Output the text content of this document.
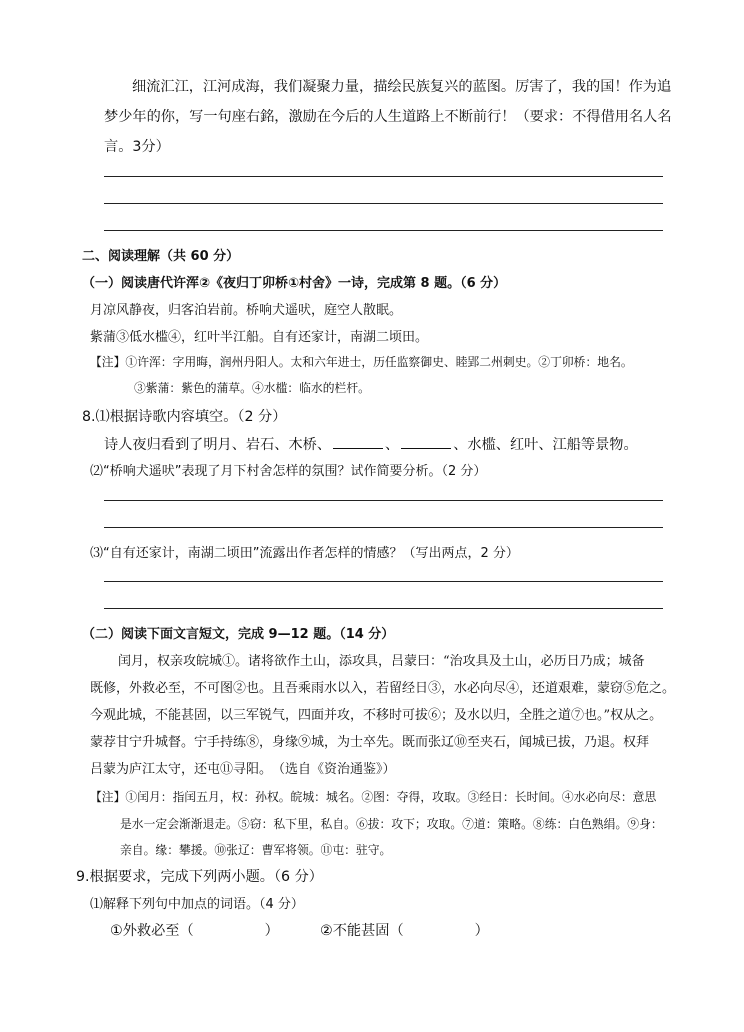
细流汇江，江河成海，我们凝聚力量，描绘民族复兴的蓝图。厉害了，我的国！作为追
梦少年的你，写一句座右銘，激励在今后的人生道路上不断前行！（要求：不得借用名人名
言。3分）
二、阅读理解（共 60 分）
（一）阅读唐代许浑②《夜归丁卯桥①村舍》一诗，完成第 8 题。（6 分）
月凉风静夜，归客泊岩前。桥响犬遥吠，庭空人散眠。
紫蒲③低水槛④，红叶半江船。自有还家计，南湖二顷田。
【注】①许浑：字用晦，润州丹阳人。太和六年进士，历任监察御史、睦郢二州刺史。②丁卯桥：地名。
③紫蒲：紫色的蒲草。④水槛：临水的栏杆。
8.⑴根据诗歌内容填空。（2 分）
诗人夜归看到了明月、岩石、木桥、	、	、水槛、红叶、江船等景物。
⑵“桥响犬遥吠”表现了月下村舍怎样的氛围？试作简要分析。（2 分）
⑶“自有还家计，南湖二顷田”流露出作者怎样的情感？（写出两点，2 分）
（二）阅读下面文言短文，完成 9—12 题。（14 分）
闰月，权亲攻皖城①。诸将欲作土山，添攻具，吕蒙曰：“治攻具及土山，必历日乃成；城备
既修，外救必至，不可图②也。且吾乘雨水以入，若留经日③，水必向尽④，还道艰难，蒙窃⑤危之。
今观此城，不能甚固，以三军锐气，四面并攻，不移时可拔⑥；及水以归，全胜之道⑦也。”权从之。
蒙荐甘宁升城督。宁手持练⑧，身缘⑨城，为士卒先。既而张辽⑩至夹石，闻城已拔，乃退。权拜
吕蒙为庐江太守，还屯⑪寻阳。　（选自《资治通鉴》）
【注】①闰月：指闰五月，权：孙权。皖城：城名。②图：夺得，攻取。③经日：长时间。④水必向尽：意思
是水一定会渐渐退走。⑤窃：私下里，私自。⑥拔：攻下；攻取。⑦道：策略。⑧练：白色熟绢。⑨身：
亲自。缘：攀援。⑩张辽：曹军将领。⑪屯：驻守。
9.根据要求，完成下列两小题。（6 分）
⑴解释下列句中加点的词语。（4 分）
①外救必至（　　　　　）	②不能甚固（　　　　　）
